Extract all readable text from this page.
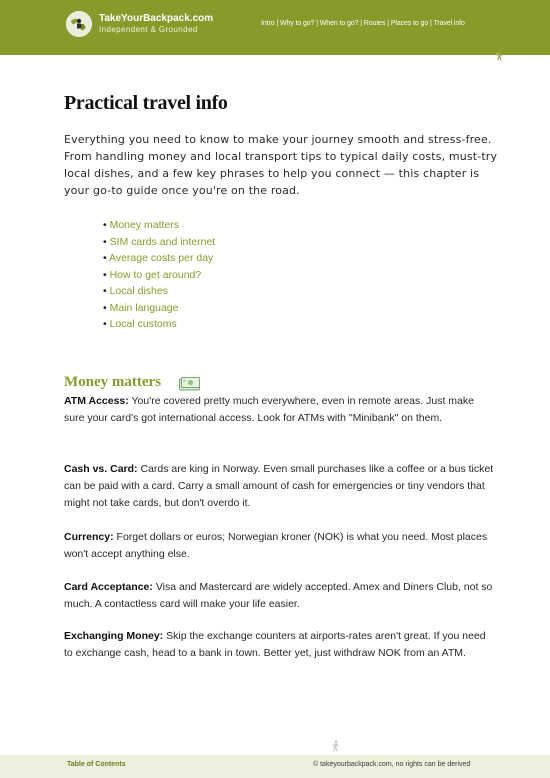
TakeYourBackpack.com
Independent & Grounded
Intro | Why to go? | When to go? | Routes | Places to go | Travel info
Practical travel info

Everything you need to know to make your journey smooth and stress-free. From handling money and local transport tips to typical daily costs, must-try local dishes, and a few key phrases to help you connect — this chapter is your go-to guide once you're on the road.

• Money matters
• SIM cards and internet
• Average costs per day
• How to get around?
• Local dishes
• Main language
• Local customs
Money matters

ATM Access: You're covered pretty much everywhere, even in remote areas. Just make sure your card's got international access. Look for ATMs with "Minibank" on them.

Cash vs. Card: Cards are king in Norway. Even small purchases like a coffee or a bus ticket can be paid with a card. Carry a small amount of cash for emergencies or tiny vendors that might not take cards, but don't overdo it.

Currency: Forget dollars or euros; Norwegian kroner (NOK) is what you need. Most places won't accept anything else.

Card Acceptance: Visa and Mastercard are widely accepted. Amex and Diners Club, not so much. A contactless card will make your life easier.

Exchanging Money: Skip the exchange counters at airports-rates aren't great. If you need to exchange cash, head to a bank in town. Better yet, just withdraw NOK from an ATM.

Table of Contents	© takeyourbackpack.com, no rights can be derived
